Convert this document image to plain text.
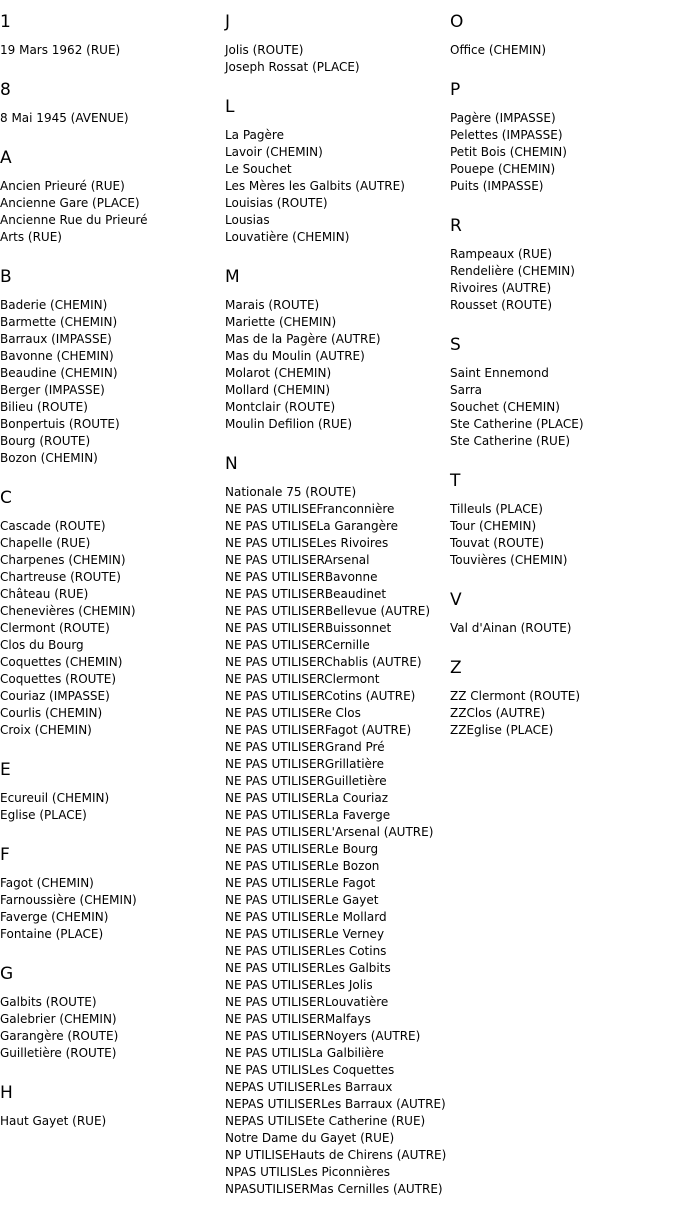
1
19 Mars 1962 (RUE)
8
8 Mai 1945 (AVENUE)
A
Ancien Prieuré (RUE)
Ancienne Gare (PLACE)
Ancienne Rue du Prieuré
Arts (RUE)
B
Baderie (CHEMIN)
Barmette (CHEMIN)
Barraux (IMPASSE)
Bavonne (CHEMIN)
Beaudine (CHEMIN)
Berger (IMPASSE)
Bilieu (ROUTE)
Bonpertuis (ROUTE)
Bourg (ROUTE)
Bozon (CHEMIN)
C
Cascade (ROUTE)
Chapelle (RUE)
Charpenes (CHEMIN)
Chartreuse (ROUTE)
Château (RUE)
Chenevières (CHEMIN)
Clermont (ROUTE)
Clos du Bourg
Coquettes (CHEMIN)
Coquettes (ROUTE)
Couriaz (IMPASSE)
Courlis (CHEMIN)
Croix (CHEMIN)
E
Ecureuil (CHEMIN)
Eglise (PLACE)
F
Fagot (CHEMIN)
Farnoussière (CHEMIN)
Faverge (CHEMIN)
Fontaine (PLACE)
G
Galbits (ROUTE)
Galebrier (CHEMIN)
Garangère (ROUTE)
Guilletière (ROUTE)
H
Haut Gayet (RUE)
J
Jolis (ROUTE)
Joseph Rossat (PLACE)
L
La Pagère
Lavoir (CHEMIN)
Le Souchet
Les Mères les Galbits (AUTRE)
Louisias (ROUTE)
Lousias
Louvatière (CHEMIN)
M
Marais (ROUTE)
Mariette (CHEMIN)
Mas de la Pagère (AUTRE)
Mas du Moulin (AUTRE)
Molarot (CHEMIN)
Mollard (CHEMIN)
Montclair (ROUTE)
Moulin Defilion (RUE)
N
Nationale 75 (ROUTE)
NE PAS UTILISEFranconnière
NE PAS UTILISELa Garangère
NE PAS UTILISELes Rivoires
NE PAS UTILISERArsenal
NE PAS UTILISERBavonne
NE PAS UTILISERBeaudinet
NE PAS UTILISERBellevue (AUTRE)
NE PAS UTILISERBuissonnet
NE PAS UTILISERCernille
NE PAS UTILISERChablis (AUTRE)
NE PAS UTILISERClermont
NE PAS UTILISERCotins (AUTRE)
NE PAS UTILISERe Clos
NE PAS UTILISERFagot (AUTRE)
NE PAS UTILISERGrand Pré
NE PAS UTILISERGrillatière
NE PAS UTILISERGuilletière
NE PAS UTILISERLa Couriaz
NE PAS UTILISERLa Faverge
NE PAS UTILISERL'Arsenal (AUTRE)
NE PAS UTILISERLe Bourg
NE PAS UTILISERLe Bozon
NE PAS UTILISERLe Fagot
NE PAS UTILISERLe Gayet
NE PAS UTILISERLe Mollard
NE PAS UTILISERLe Verney
NE PAS UTILISERLes Cotins
NE PAS UTILISERLes Galbits
NE PAS UTILISERLes Jolis
NE PAS UTILISERLouvatière
NE PAS UTILISERMalfays
NE PAS UTILISERNoyers (AUTRE)
NE PAS UTILISLa Galbilière
NE PAS UTILISLes Coquettes
NEPAS UTILISERLes Barraux
NEPAS UTILISERLes Barraux (AUTRE)
NEPAS UTILISEte Catherine (RUE)
Notre Dame du Gayet (RUE)
NP UTILISEHauts de Chirens (AUTRE)
NPAS UTILISLes Piconnières
NPASUTILISERMas Cernilles (AUTRE)
O
Office (CHEMIN)
P
Pagère (IMPASSE)
Pelettes (IMPASSE)
Petit Bois (CHEMIN)
Pouepe (CHEMIN)
Puits (IMPASSE)
R
Rampeaux (RUE)
Rendelière (CHEMIN)
Rivoires (AUTRE)
Rousset (ROUTE)
S
Saint Ennemond
Sarra
Souchet (CHEMIN)
Ste Catherine (PLACE)
Ste Catherine (RUE)
T
Tilleuls (PLACE)
Tour (CHEMIN)
Touvat (ROUTE)
Touvières (CHEMIN)
V
Val d'Ainan (ROUTE)
Z
ZZ Clermont (ROUTE)
ZZClos (AUTRE)
ZZEglise (PLACE)
